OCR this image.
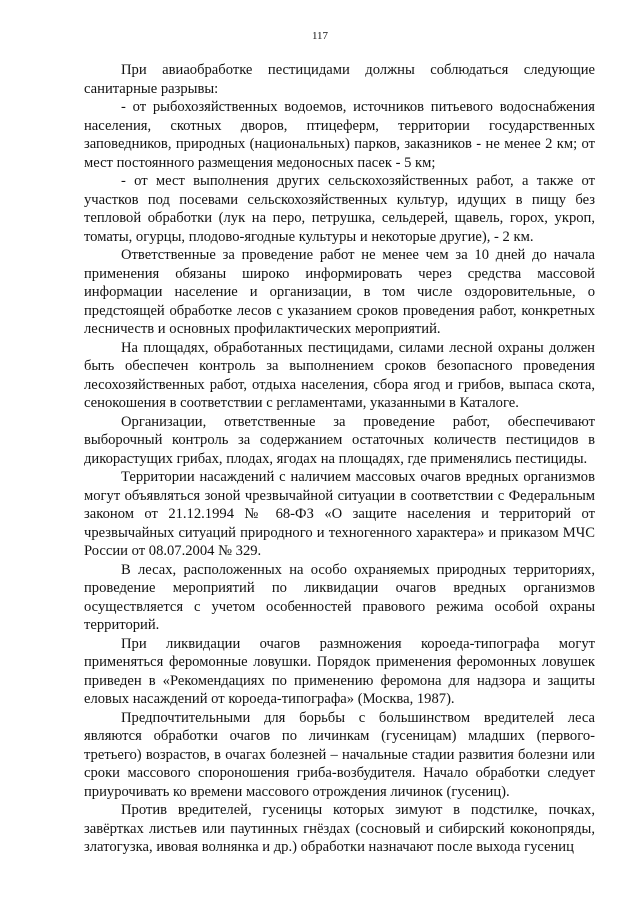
117

При авиаобработке пестицидами должны соблюдаться следующие санитарные разрывы:

- от рыбохозяйственных водоемов, источников питьевого водоснабжения населения, скотных дворов, птицеферм, территории государственных заповедников, природных (национальных) парков, заказников - не менее 2 км; от мест постоянного размещения медоносных пасек - 5 км;

- от мест выполнения других сельскохозяйственных работ, а также от участков под посевами сельскохозяйственных культур, идущих в пищу без тепловой обработки (лук на перо, петрушка, сельдерей, щавель, горох, укроп, томаты, огурцы, плодово-ягодные культуры и некоторые другие), - 2 км.

Ответственные за проведение работ не менее чем за 10 дней до начала применения обязаны широко информировать через средства массовой информации население и организации, в том числе оздоровительные, о предстоящей обработке лесов с указанием сроков проведения работ, конкретных лесничеств и основных профилактических мероприятий.

На площадях, обработанных пестицидами, силами лесной охраны должен быть обеспечен контроль за выполнением сроков безопасного проведения лесохозяйственных работ, отдыха населения, сбора ягод и грибов, выпаса скота, сенокошения в соответствии с регламентами, указанными в Каталоге.

Организации, ответственные за проведение работ, обеспечивают выборочный контроль за содержанием остаточных количеств пестицидов в дикорастущих грибах, плодах, ягодах на площадях, где применялись пестициды.

Территории насаждений с наличием массовых очагов вредных организмов могут объявляться зоной чрезвычайной ситуации в соответствии с Федеральным законом от 21.12.1994 № 68-ФЗ «О защите населения и территорий от чрезвычайных ситуаций природного и техногенного характера» и приказом МЧС России от 08.07.2004 № 329.

В лесах, расположенных на особо охраняемых природных территориях, проведение мероприятий по ликвидации очагов вредных организмов осуществляется с учетом особенностей правового режима особой охраны территорий.

При ликвидации очагов размножения короеда-типографа могут применяться феромонные ловушки. Порядок применения феромонных ловушек приведен в «Рекомендациях по применению феромона для надзора и защиты еловых насаждений от короеда-типографа» (Москва, 1987).

Предпочтительными для борьбы с большинством вредителей леса являются обработки очагов по личинкам (гусеницам) младших (первого-третьего) возрастов, в очагах болезней – начальные стадии развития болезни или сроки массового спороношения гриба-возбудителя. Начало обработки следует приурочивать ко времени массового отрождения личинок (гусениц).

Против вредителей, гусеницы которых зимуют в подстилке, почках, завёртках листьев или паутинных гнёздах (сосновый и сибирский коконопряды, златогузка, ивовая волнянка и др.) обработки назначают после выхода гусениц
